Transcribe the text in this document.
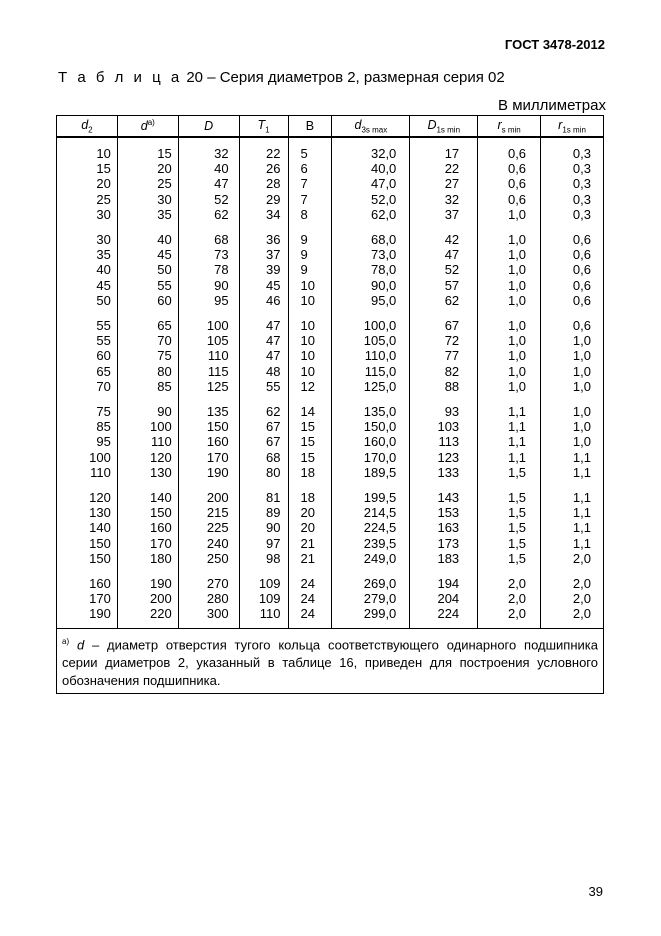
ГОСТ 3478-2012
Т а б л и ц а 20 – Серия диаметров 2, размерная серия 02
В миллиметрах
$d_2$	$d^{a)}$	D	$T_1$	B	$d_{3s max}$	$D_{1s min}$	$r_{s min}$	$r_{1s min}$

10	15	32	22	5	32,0	17	0,6	0,3
15	20	40	26	6	40,0	22	0,6	0,3
20	25	47	28	7	47,0	27	0,6	0,3
25	30	52	29	7	52,0	32	0,6	0,3
30	35	62	34	8	62,0	37	1,0	0,3

30	40	68	36	9	68,0	42	1,0	0,6
35	45	73	37	9	73,0	47	1,0	0,6
40	50	78	39	9	78,0	52	1,0	0,6
45	55	90	45	10	90,0	57	1,0	0,6
50	60	95	46	10	95,0	62	1,0	0,6

55	65	100	47	10	100,0	67	1,0	0,6
55	70	105	47	10	105,0	72	1,0	1,0
60	75	110	47	10	110,0	77	1,0	1,0
65	80	115	48	10	115,0	82	1,0	1,0
70	85	125	55	12	125,0	88	1,0	1,0

75	90	135	62	14	135,0	93	1,1	1,0
85	100	150	67	15	150,0	103	1,1	1,0
95	110	160	67	15	160,0	113	1,1	1,0
100	120	170	68	15	170,0	123	1,1	1,1
110	130	190	80	18	189,5	133	1,5	1,1

120	140	200	81	18	199,5	143	1,5	1,1
130	150	215	89	20	214,5	153	1,5	1,1
140	160	225	90	20	224,5	163	1,5	1,1
150	170	240	97	21	239,5	173	1,5	1,1
150	180	250	98	21	249,0	183	1,5	2,0

160	190	270	109	24	269,0	194	2,0	2,0
170	200	280	109	24	279,0	204	2,0	2,0
190	220	300	110	24	299,0	224	2,0	2,0
$^{a)}$ d – диаметр отверстия тугого кольца соответствующего одинарного подшипника серии диаметров 2, указанный в таблице 16, приведен для построения условного обозначения подшипника.
39
